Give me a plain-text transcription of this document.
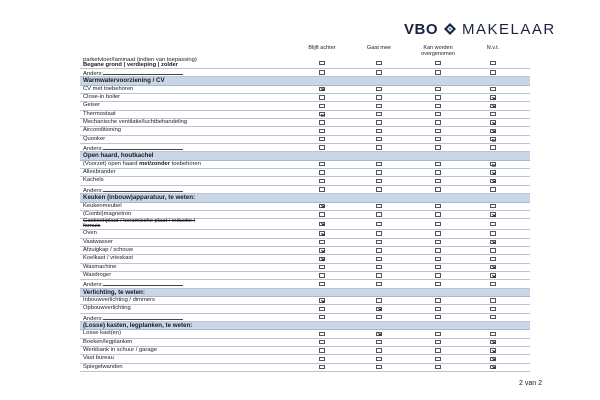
VBO MAKELAAR
Blijft achter	Gaat mee	Kan worden overgenomen
N.v.t.
parketvloer/laminaat (indien van toepassing)
Begane grond | verdieping | zolder
Anders:
Warmwatervoorziening / CV
CV met toebehoren
Close-in boiler
Geiser
Thermostaat
Mechanische ventilatie/luchtbehandeling
Airconditioning
Quooker
Anders:
Open haard, houtkachel
(Voorzet) open haard met/zonder toebehoren
Allesbrander
Kachels
Anders:
Keuken (inbouw)apparatuur, te weten:
Keukenmeubel
(Combi)magnetron
Gaskookplaat / keramische plaat / inductie /
fornuis
Oven
Vaatwasser
Afzuigkap / schouw
Koelkast / vrieskast
Wasmachine
Wasdroger
Anders:
Verlichting, te weten:
Inbouwverlichting / dimmers
Opbouwverlichting
Anders:
(Losse) kasten, legplanken, te weten:
Losse kast(en)
Boeken/legplanken
Werkbank in schuur / garage
Vast bureau
Spiegelwanden
2 van 2
